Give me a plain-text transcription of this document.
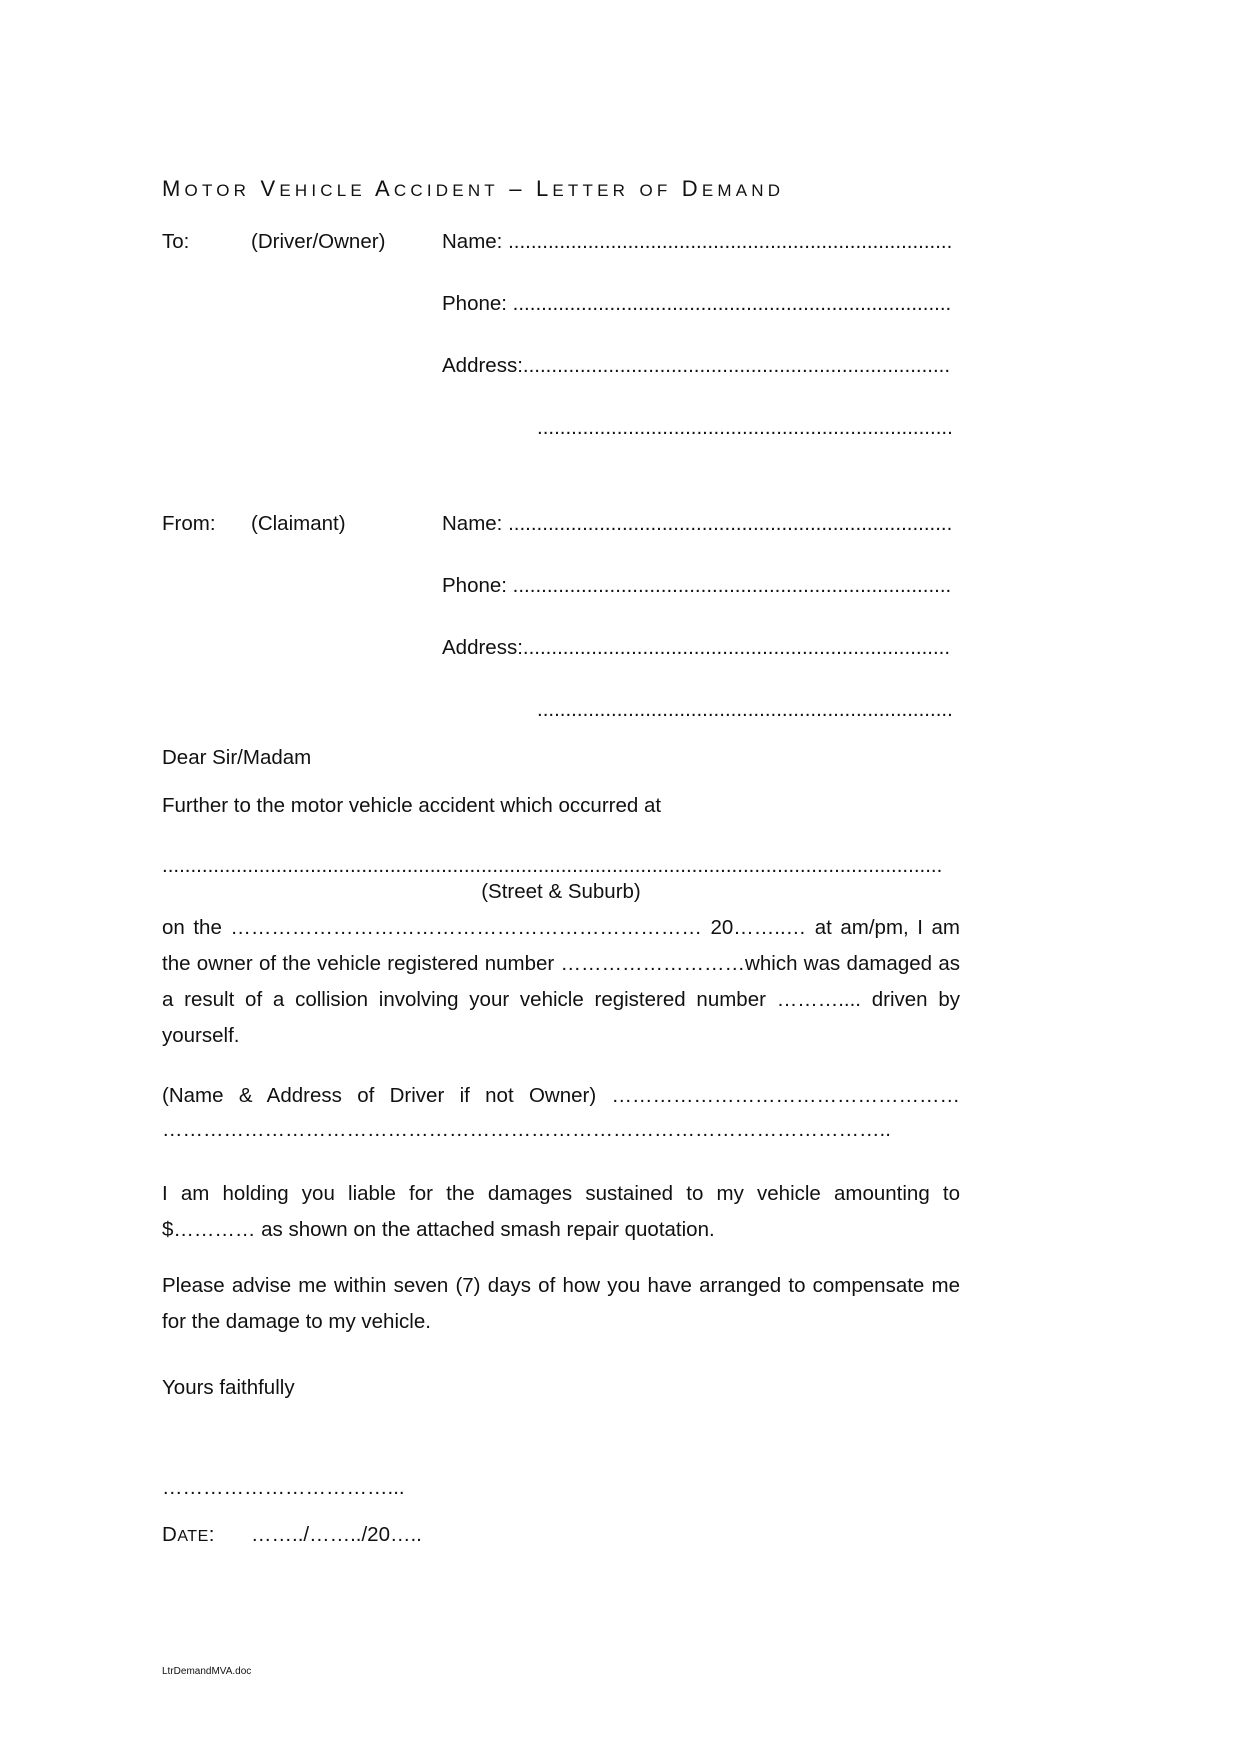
MOTOR VEHICLE ACCIDENT – LETTER OF DEMAND
To:	(Driver/Owner)	Name: ..............................................................................
Phone: .............................................................................
Address:...........................................................................
.........................................................................
From: (Claimant)	Name: ..............................................................................
Phone: .............................................................................
Address:...........................................................................
.........................................................................
Dear Sir/Madam
Further to the motor vehicle accident which occurred at
.........................................................................................................................................
(Street & Suburb)
on the …………………………………………………………… 20……..… at am/pm, I am the owner of the vehicle registered number ………………………which was damaged as a result of a collision involving your vehicle registered number ……….... driven by yourself.
(Name & Address of Driver if not Owner) ……………………………………………
……………………………………………………………………………………………..
I am holding you liable for the damages sustained to my vehicle amounting to $………… as shown on the attached smash repair quotation.
Please advise me within seven (7) days of how you have arranged to compensate me for the damage to my vehicle.
Yours faithfully
……………………………...
DATE: ……../……../20…..
LtrDemandMVA.doc
